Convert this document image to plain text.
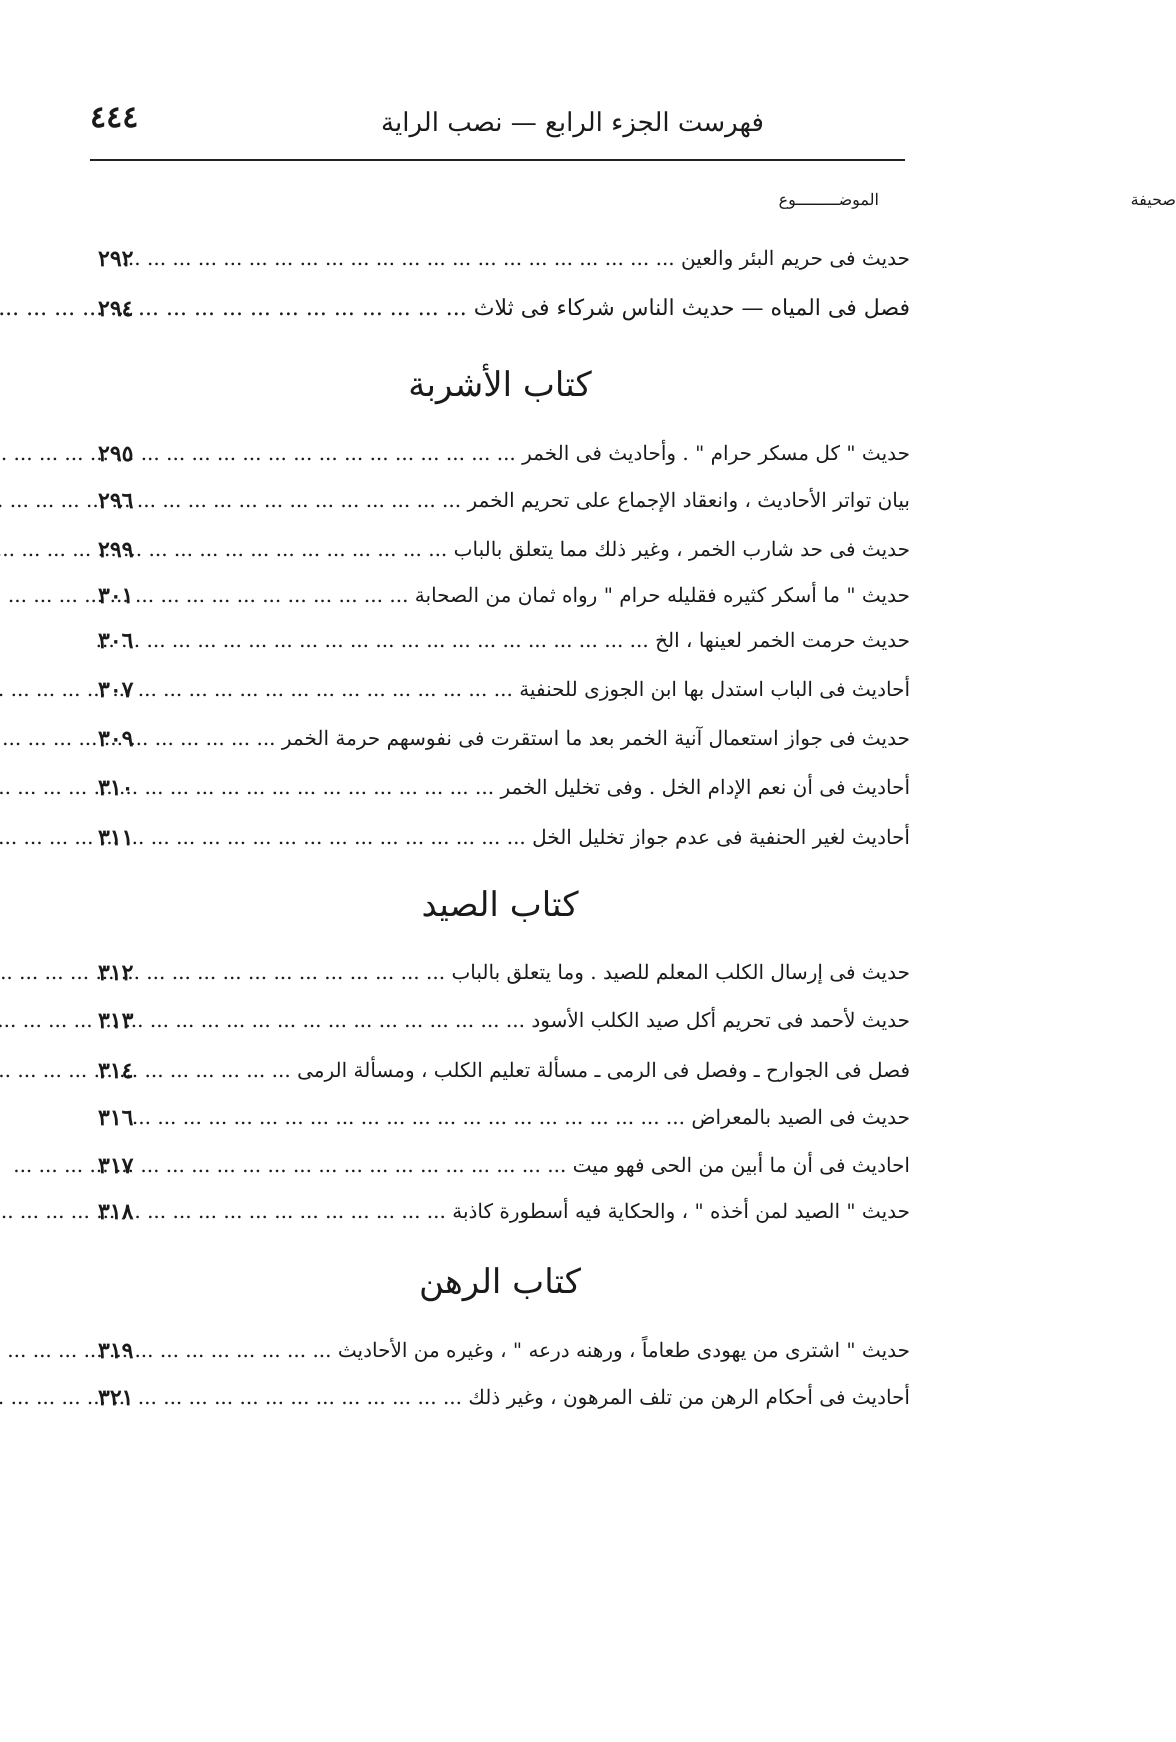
٤٤٤	فهرست الجزء الرابع — نصب الراية
الموضـــــــــوع	صحيفة
حديث فى حريم البئر والعين ... .
٢٩٢
فصل فى المياه — حديث الناس شركاء فى ثلاث ... .
٢٩٤
كتاب الأشربة
حديث " كل مسكر حرام " . وأحاديث فى الخمر ... .
٢٩٥
بيان تواتر الأحاديث ، وانعقاد الإجماع على تحريم الخمر ... .
٢٩٦
حديث فى حد شارب الخمر ، وغير ذلك مما يتعلق بالباب ... .
٢٩٩
حديث " ما أسكر كثيره فقليله حرام " رواه ثمان من الصحابة ... .
٣٠١
حديث حرمت الخمر لعينها ، الخ ... .
٣٠٦
أحاديث فى الباب استدل بها ابن الجوزى للحنفية ... .
٣٠٧
حديث فى جواز استعمال آنية الخمر بعد ما استقرت فى نفوسهم حرمة الخمر ... .
٣٠٩
أحاديث فى أن نعم الإدام الخل . وفى تخليل الخمر ... .
٣١٠
أحاديث لغير الحنفية فى عدم جواز تخليل الخل ... .
٣١١
كتاب الصيد
حديث فى إرسال الكلب المعلم للصيد . وما يتعلق بالباب ... .
٣١٢
حديث لأحمد فى تحريم أكل صيد الكلب الأسود ... .
٣١٣
فصل فى الجوارح ـ وفصل فى الرمى ـ مسألة تعليم الكلب ، ومسألة الرمى ... .
٣١٤
حديث فى الصيد بالمعراض ... .
٣١٦
احاديث فى أن ما أبين من الحى فهو ميت ... .
٣١٧
حديث " الصيد لمن أخذه " ، والحكاية فيه أسطورة كاذبة ... .
٣١٨
كتاب الرهن
حديث " اشترى من يهودى طعاماً ، ورهنه درعه " ، وغيره من الأحاديث ... .
٣١٩
أحاديث فى أحكام الرهن من تلف المرهون ، وغير ذلك ... .
٣٢١
